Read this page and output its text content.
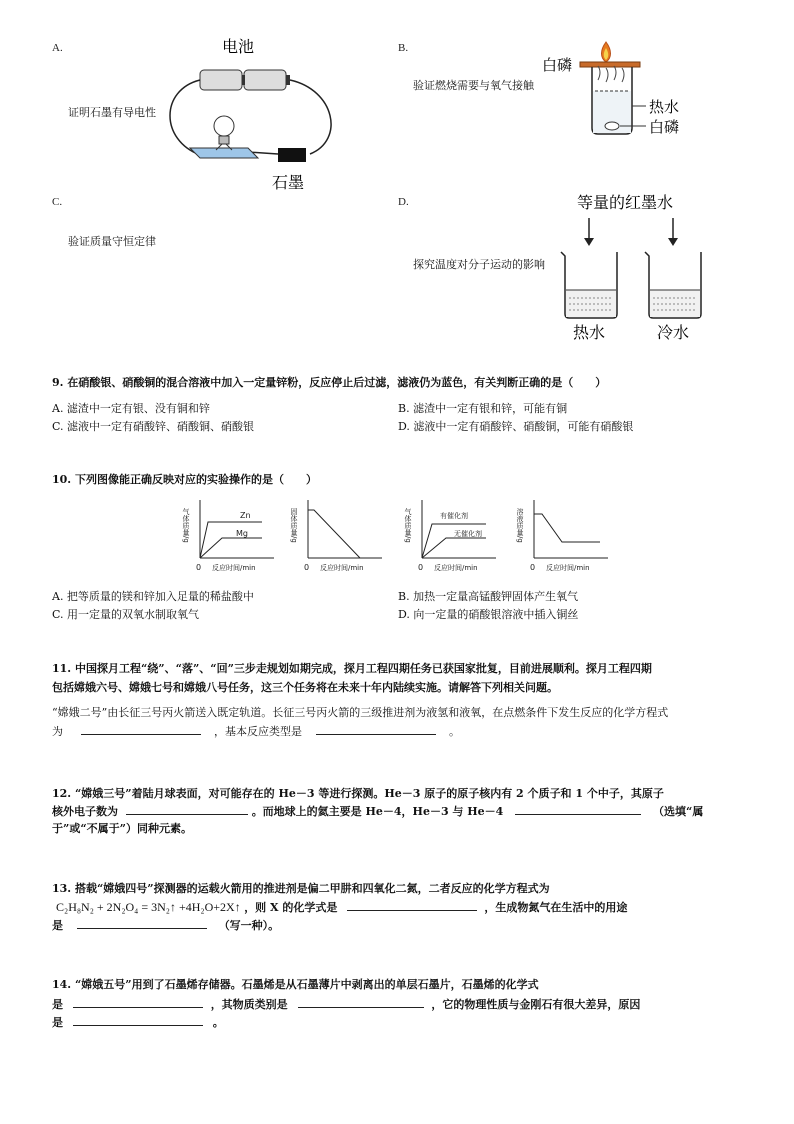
A.
证明石墨有导电性
电池
石墨
B.
验证燃烧需要与氧气接触
白磷
热水
白磷
C.
验证质量守恒定律
D.
探究温度对分子运动的影响
等量的红墨水
热水	冷水
9. 在硝酸银、硝酸铜的混合溶液中加入一定量锌粉，反应停止后过滤，滤液仍为蓝色，有关判断正确的是（　　）
A. 滤渣中一定有银、没有铜和锌	B. 滤渣中一定有银和锌，可能有铜
C. 滤液中一定有硝酸锌、硝酸铜、硝酸银	D. 滤液中一定有硝酸锌、硝酸铜，可能有硝酸银
10. 下列图像能正确反映对应的实验操作的是（　　）
气体质量/g	Zn
Mg
0 反应时间/min
固体质量/g
0 反应时间/min
气体质量/g	有催化剂
无催化剂
0 反应时间/min
溶液质量/g
0 反应时间/min
A. 把等质量的镁和锌加入足量的稀盐酸中	B. 加热一定量高锰酸钾固体产生氧气
C. 用一定量的双氧水制取氧气	D. 向一定量的硝酸银溶液中插入铜丝
11. 中国探月工程“绕”、“落”、“回”三步走规划如期完成，探月工程四期任务已获国家批复，目前进展顺利。探月工程四期
包括嫦娥六号、嫦娥七号和嫦娥八号任务，这三个任务将在未来十年内陆续实施。请解答下列相关问题。
“嫦娥二号”由长征三号丙火箭送入既定轨道。长征三号丙火箭的三级推进剂为液氢和液氧，在点燃条件下发生反应的化学方程式
为	，基本反应类型是	。
12. “嫦娥三号”着陆月球表面，对可能存在的 He－3 等进行探测。He－3 原子的原子核内有 2 个质子和 1 个中子，其原子
核外电子数为	。而地球上的氦主要是 He－4，He－3 与 He－4	（选填“属
于”或“不属于”）同种元素。
13. 搭载“嫦娥四号”探测器的运载火箭用的推进剂是偏二甲肼和四氧化二氮，二者反应的化学方程式为
C₂H₈N₂ + 2N₂O₄ = 3N₂↑ +4H₂O+2X↑ ，则 X 的化学式是	，生成物氮气在生活中的用途
是	（写一种）。
14. “嫦娥五号”用到了石墨烯存储器。石墨烯是从石墨薄片中剥离出的单层石墨片，石墨烯的化学式
是	，其物质类别是	，它的物理性质与金刚石有很大差异，原因
是	。
